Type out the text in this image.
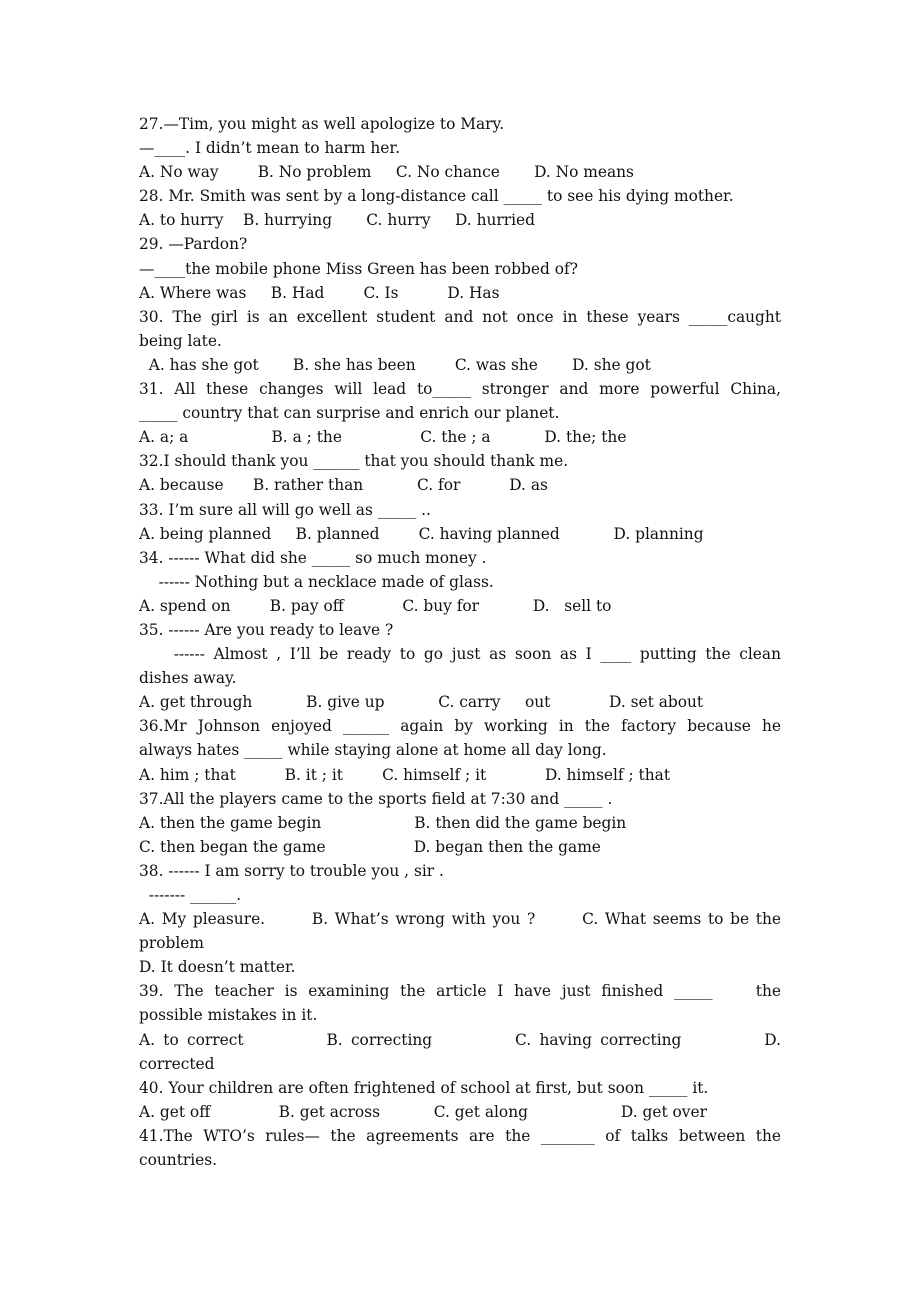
27.—Tim, you might as well apologize to Mary.
—____. I didn’t mean to harm her.
A. No way        B. No problem     C. No chance       D. No means
28. Mr. Smith was sent by a long-distance call _____ to see his dying mother.
A. to hurry    B. hurrying       C. hurry     D. hurried
29. —Pardon?
—____the mobile phone Miss Green has been robbed of?
A. Where was     B. Had        C. Is          D. Has
30. The girl is an excellent student and not once in these years _____caught
being late.
A. has she got       B. she has been        C. was she       D. she got
31. All these changes will lead to_____ stronger and more powerful China,
_____ country that can surprise and enrich our planet.
A. a; a                 B. a ; the                C. the ; a           D. the; the
32.I should thank you ______ that you should thank me.
A. because      B. rather than           C. for          D. as
33. I’m sure all will go well as _____ ..
A. being planned     B. planned        C. having planned           D. planning
34. ------ What did she _____ so much money .
------ Nothing but a necklace made of glass.
A. spend on        B. pay off            C. buy for           D.   sell to
35. ------ Are you ready to leave ?
------ Almost , I’ll be ready to go just as soon as I ____ putting the clean
dishes away.
A. get through           B. give up           C. carry     out            D. set about
36.Mr Johnson enjoyed ______ again by working in the factory because he
always hates _____ while staying alone at home all day long.
A. him ; that          B. it ; it        C. himself ; it            D. himself ; that
37.All the players came to the sports field at 7:30 and _____ .
A. then the game begin                   B. then did the game begin
C. then began the game                  D. began then the game
38. ------ I am sorry to trouble you , sir .
------- ______.
A. My pleasure.       B. What’s wrong with you ?       C. What seems to be the
problem
D. It doesn’t matter.
39. The teacher is examining the article I have just finished _____    the
possible mistakes in it.
A. to correct          B. correcting          C. having correcting          D.
corrected
40. Your children are often frightened of school at first, but soon _____ it.
A. get off              B. get across           C. get along                   D. get over
41.The WTO’s rules— the agreements are the _______ of talks between the
countries.
